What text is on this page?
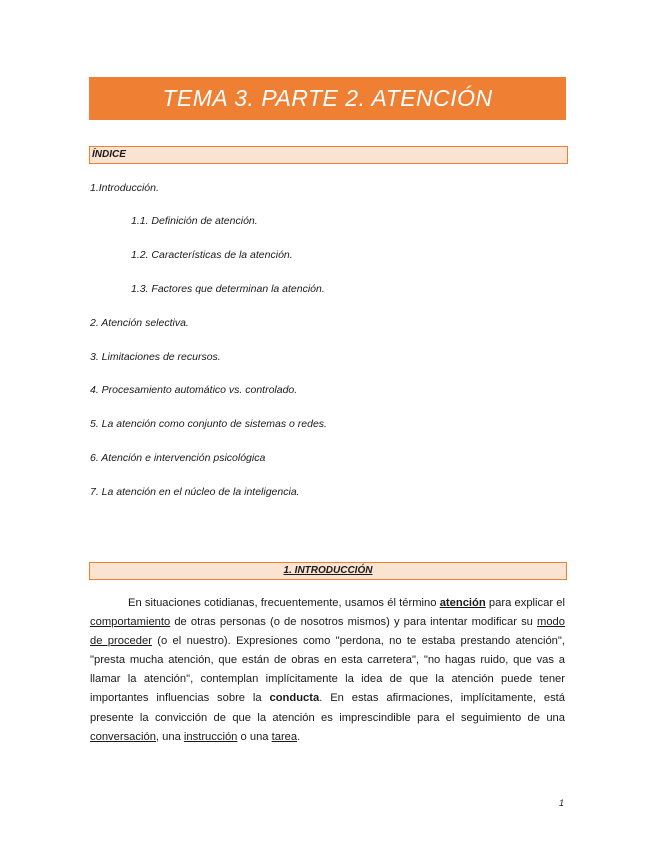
TEMA 3. PARTE 2. ATENCIÓN
ÍNDICE
1.Introducción.
1.1. Definición de atención.
1.2. Características de la atención.
1.3. Factores que determinan la atención.
2. Atención selectiva.
3. Limitaciones de recursos.
4. Procesamiento automático vs. controlado.
5. La atención como conjunto de sistemas o redes.
6. Atención e intervención psicológica
7. La atención en el núcleo de la inteligencia.
1. INTRODUCCIÓN
En situaciones cotidianas, frecuentemente, usamos él término atención para explicar el comportamiento de otras personas (o de nosotros mismos) y para intentar modificar su modo de proceder (o el nuestro). Expresiones como "perdona, no te estaba prestando atención", "presta mucha atención, que están de obras en esta carretera", "no hagas ruido, que vas a llamar la atención", contemplan implícitamente la idea de que la atención puede tener importantes influencias sobre la conducta. En estas afirmaciones, implícitamente, está presente la convicción de que la atención es imprescindible para el seguimiento de una conversación, una instrucción o una tarea.
1
